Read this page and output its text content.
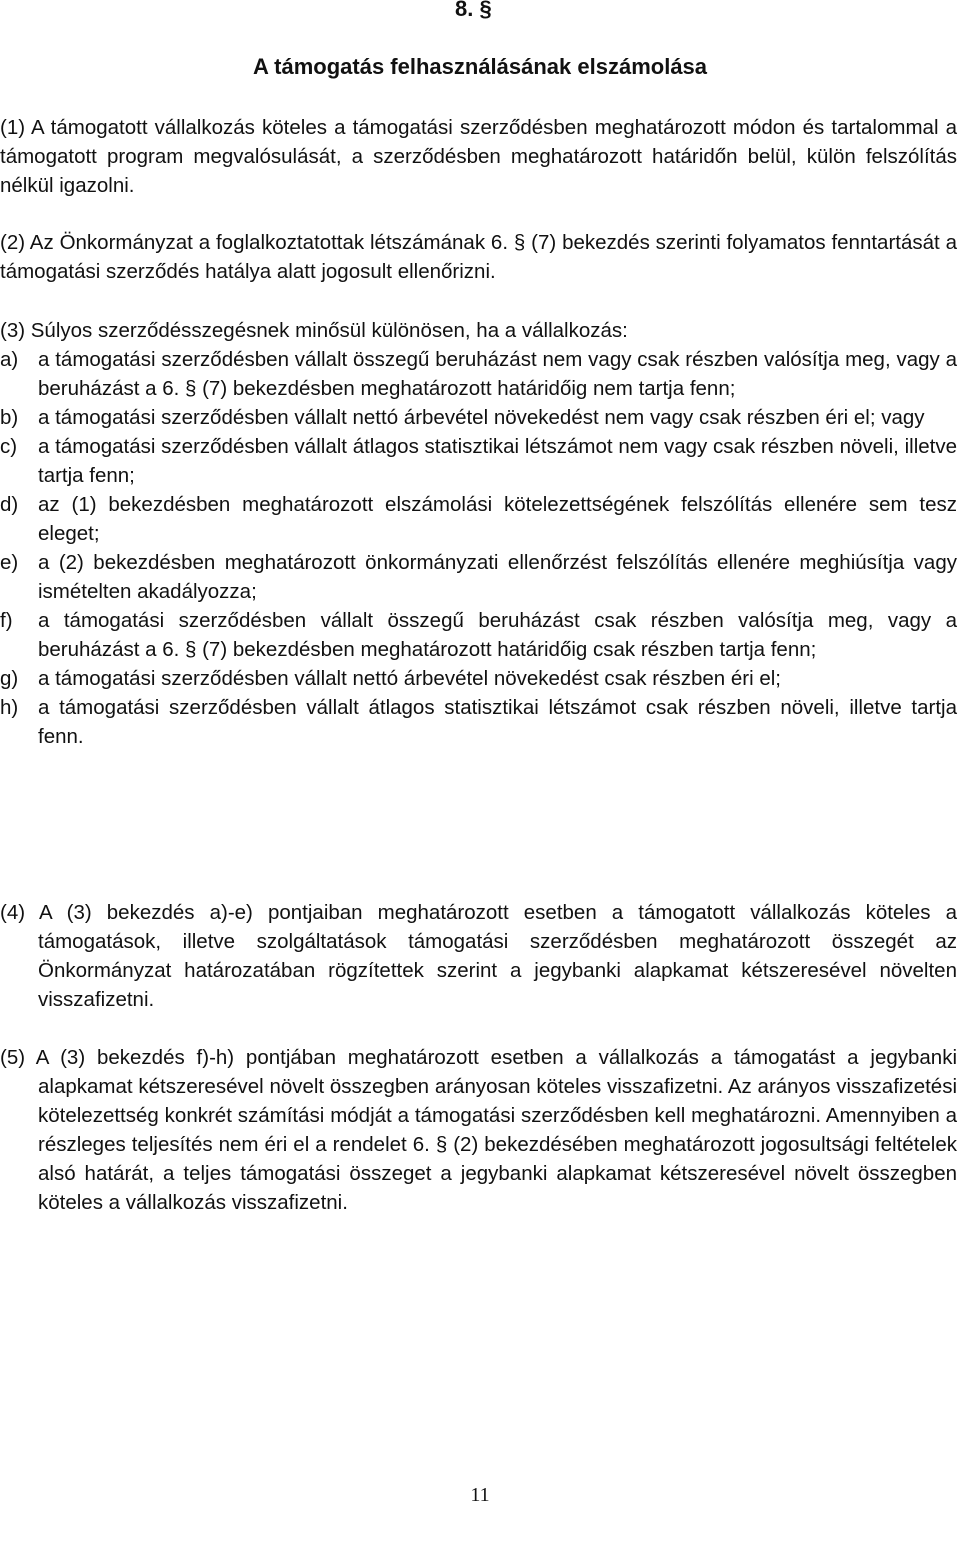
8. §
A támogatás felhasználásának elszámolása
(1) A támogatott vállalkozás köteles a támogatási szerződésben meghatározott módon és tartalommal a támogatott program megvalósulását, a szerződésben meghatározott határidőn belül, külön felszólítás nélkül igazolni.
(2) Az Önkormányzat a foglalkoztatottak létszámának 6. § (7) bekezdés szerinti folyamatos fenntartását a támogatási szerződés hatálya alatt jogosult ellenőrizni.
(3) Súlyos szerződésszegésnek minősül különösen, ha a vállalkozás:
a) a támogatási szerződésben vállalt összegű beruházást nem vagy csak részben valósítja meg, vagy a beruházást a 6. § (7) bekezdésben meghatározott határidőig nem tartja fenn;
b) a támogatási szerződésben vállalt nettó árbevétel növekedést nem vagy csak részben éri el; vagy
c)	a támogatási szerződésben vállalt átlagos statisztikai létszámot nem vagy csak részben növeli, illetve tartja fenn;
d) az (1) bekezdésben meghatározott elszámolási kötelezettségének felszólítás ellenére sem tesz eleget;
e) a (2) bekezdésben meghatározott önkormányzati ellenőrzést felszólítás ellenére meghiúsítja vagy ismételten akadályozza;
f)	a támogatási szerződésben vállalt összegű beruházást csak részben valósítja meg, vagy a beruházást a 6. § (7) bekezdésben meghatározott határidőig csak részben tartja fenn;
g) a támogatási szerződésben vállalt nettó árbevétel növekedést csak részben éri el;
h) a támogatási szerződésben vállalt átlagos statisztikai létszámot csak részben növeli, illetve tartja fenn.
(4) A (3) bekezdés a)-e) pontjaiban meghatározott esetben a támogatott vállalkozás köteles a támogatások, illetve szolgáltatások támogatási szerződésben meghatározott összegét az Önkormányzat határozatában rögzítettek szerint a jegybanki alapkamat kétszeresével növelten visszafizetni.
(5) A (3) bekezdés f)-h) pontjában meghatározott esetben a vállalkozás a támogatást a jegybanki alapkamat kétszeresével növelt összegben arányosan köteles visszafizetni. Az arányos visszafizetési kötelezettség konkrét számítási módját a támogatási szerződésben kell meghatározni. Amennyiben a részleges teljesítés nem éri el a rendelet 6. § (2) bekezdésében meghatározott jogosultsági feltételek alsó határát, a teljes támogatási összeget a jegybanki alapkamat kétszeresével növelt összegben köteles a vállalkozás visszafizetni.
11
